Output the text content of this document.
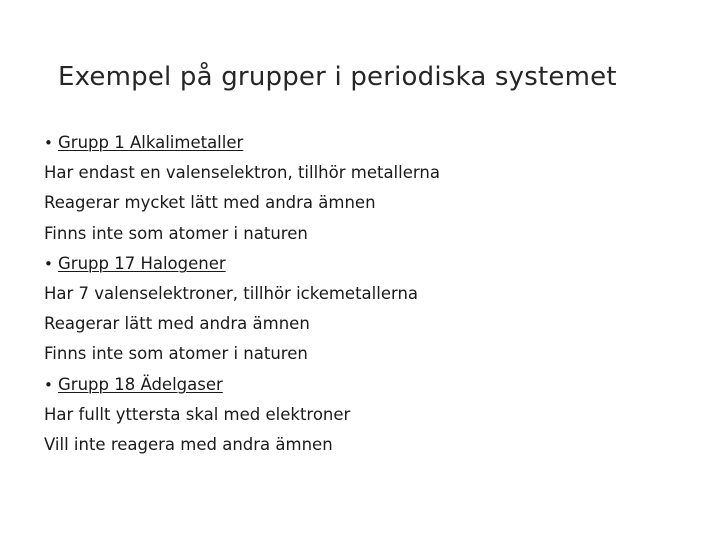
Exempel på grupper i periodiska systemet
• Grupp 1 Alkalimetaller
Har endast en valenselektron, tillhör metallerna
Reagerar mycket lätt med andra ämnen
Finns inte som atomer i naturen
• Grupp 17 Halogener
Har 7 valenselektroner, tillhör ickemetallerna
Reagerar lätt med andra ämnen
Finns inte som atomer i naturen
• Grupp 18 Ädelgaser
Har fullt yttersta skal med elektroner
Vill inte reagera med andra ämnen
